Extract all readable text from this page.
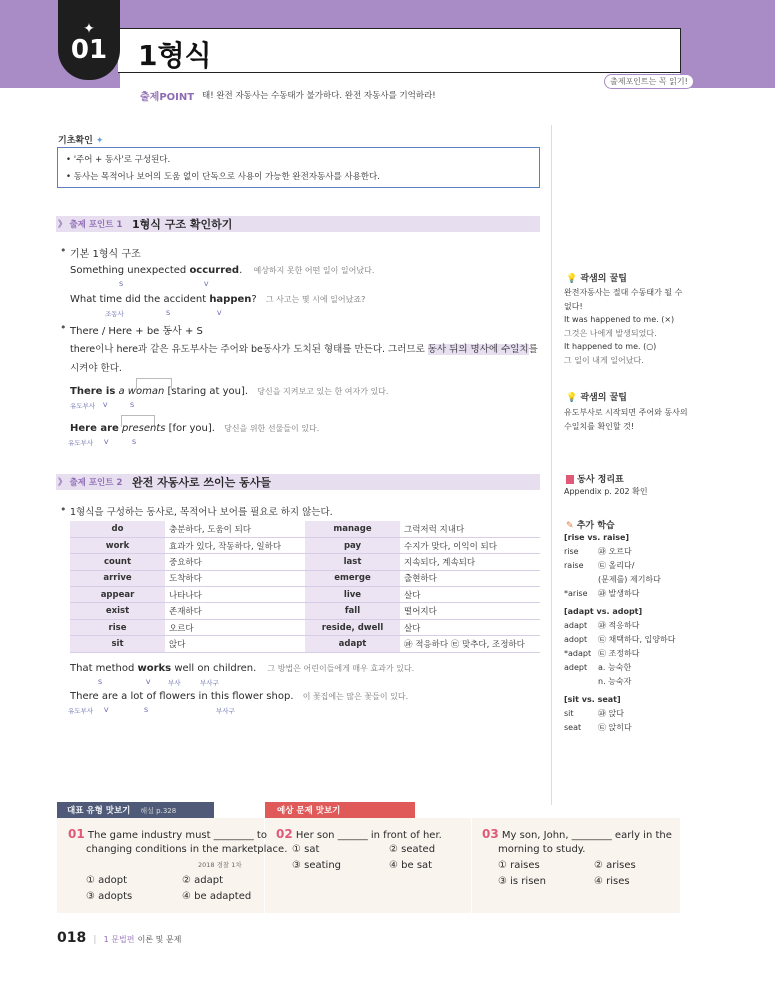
✦
01	1형식
출제포인트는 꼭 읽기!
출제POINT 태! 완전 자동사는 수동태가 불가하다. 완전 자동사를 기억하라!
기초확인 ✦
• '주어 + 동사'로 구성된다.
• 동사는 목적어나 보어의 도움 없이 단독으로 사용이 가능한 완전자동사를 사용한다.
》 출제 포인트 1 1형식 구조 확인하기
• 기본 1형식 구조
Something unexpected occurred. 예상하지 못한 어떤 일이 일어났다.
S	V
What time did the accident happen? 그 사고는 몇 시에 일어났죠?
조동사	S	V
• There / Here + be 동사 + S
there이나 here과 같은 유도부사는 주어와 be동사가 도치된 형태를 만든다. 그러므로 동사 뒤의 명사에 수일치를 시켜야 한다.
There is a woman [staring at you]. 당신을 지켜보고 있는 한 여자가 있다.
유도부사 V	S
Here are presents [for you]. 당신을 위한 선물들이 있다.
유도부사 V	S
》 출제 포인트 2 완전 자동사로 쓰이는 동사들
• 1형식을 구성하는 동사로, 목적어나 보어를 필요로 하지 않는다.
do	충분하다, 도움이 되다	manage	그럭저럭 지내다
work	효과가 있다, 작동하다, 일하다	pay	수지가 맞다, 이익이 되다
count	중요하다	last	지속되다, 계속되다
arrive	도착하다	emerge	출현하다
appear	나타나다	live	살다
exist	존재하다	fall	떨어지다
rise	오르다	reside, dwell	살다
sit	앉다	adapt	㉺ 적응하다 ㉫ 맞추다, 조정하다
That method works well on children. 그 방법은 어린이들에게 매우 효과가 있다.
S	V	부사	부사구
There are a lot of flowers in this flower shop. 이 꽃집에는 많은 꽃들이 있다.
유도부사 V	S	부사구
💡 곽샘의 꿀팁
완전자동사는 절대 수동태가 될 수
없다!
It was happened to me. (×)
그것은 나에게 발생되었다.
It happened to me. (○)
그 일이 내게 일어났다.
💡 곽샘의 꿀팁
유도부사로 시작되면 주어와 동사의
수일치를 확인할 것!
동사 정리표
Appendix p. 202 확인
✎ 추가 학습
[rise vs. raise]
rise ㉺ 오르다
raise ㉫ 올리다/
(문제를) 제기하다
*arise ㉺ 발생하다
[adapt vs. adopt]
adapt ㉺ 적응하다
adopt ㉫ 채택하다, 입양하다
*adapt ㉫ 조정하다
adept a. 능숙한
n. 능숙자
[sit vs. seat]
sit	㉺ 앉다
seat ㉫ 앉히다
대표 유형 맛보기 해설 p.328	예상 문제 맛보기
01 The game industry must ________ to
changing conditions in the marketplace.
2018 경찰 1차
① adopt	② adapt
③ adopts	④ be adapted
02 Her son ______ in front of her.
① sat	② seated
③ seating	④ be sat
03 My son, John, ________ early in the
morning to study.
① raises	② arises
③ is risen	④ rises
018 | 1 문법편 이론 및 문제
